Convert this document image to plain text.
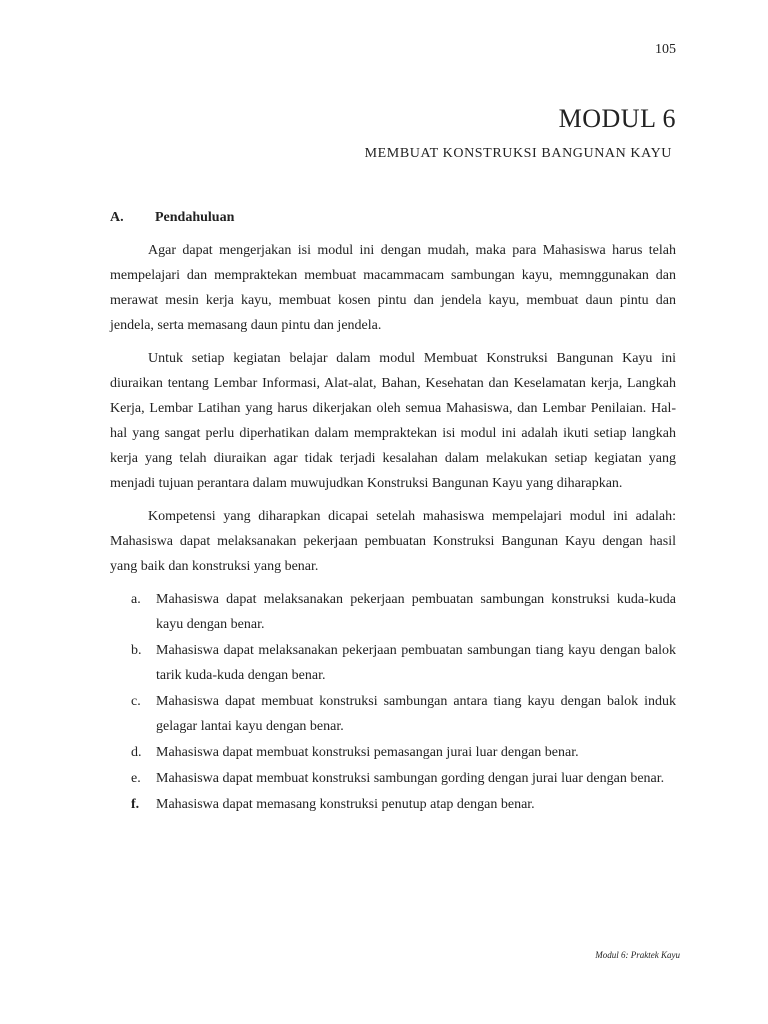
105
MODUL 6
MEMBUAT KONSTRUKSI BANGUNAN KAYU
A. Pendahuluan

Agar dapat mengerjakan isi modul ini dengan mudah, maka para Mahasiswa harus telah mempelajari dan mempraktekan membuat macammacam sambungan kayu, memnggunakan dan merawat mesin kerja kayu, membuat kosen pintu dan jendela kayu, membuat daun pintu dan jendela, serta memasang daun pintu dan jendela.

Untuk setiap kegiatan belajar dalam modul Membuat Konstruksi Bangunan Kayu ini diuraikan tentang Lembar Informasi, Alat-alat, Bahan, Kesehatan dan Keselamatan kerja, Langkah Kerja, Lembar Latihan yang harus dikerjakan oleh semua Mahasiswa, dan Lembar Penilaian. Hal-hal yang sangat perlu diperhatikan dalam mempraktekan isi modul ini adalah ikuti setiap langkah kerja yang telah diuraikan agar tidak terjadi kesalahan dalam melakukan setiap kegiatan yang menjadi tujuan perantara dalam muwujudkan Konstruksi Bangunan Kayu yang diharapkan.

Kompetensi yang diharapkan dicapai setelah mahasiswa mempelajari modul ini adalah: Mahasiswa dapat melaksanakan pekerjaan pembuatan Konstruksi Bangunan Kayu dengan hasil yang baik dan konstruksi yang benar.

a.	Mahasiswa dapat melaksanakan pekerjaan pembuatan sambungan konstruksi kuda-kuda kayu dengan benar.
b.	Mahasiswa dapat melaksanakan pekerjaan pembuatan sambungan tiang kayu dengan balok tarik kuda-kuda dengan benar.
c.	Mahasiswa dapat membuat konstruksi sambungan antara tiang kayu dengan balok induk gelagar lantai kayu dengan benar.
d.	Mahasiswa dapat membuat konstruksi pemasangan jurai luar dengan benar.
e.	Mahasiswa dapat membuat konstruksi sambungan gording dengan jurai luar dengan benar.
f.	Mahasiswa dapat memasang konstruksi penutup atap dengan benar.
Modul 6: Praktek Kayu
